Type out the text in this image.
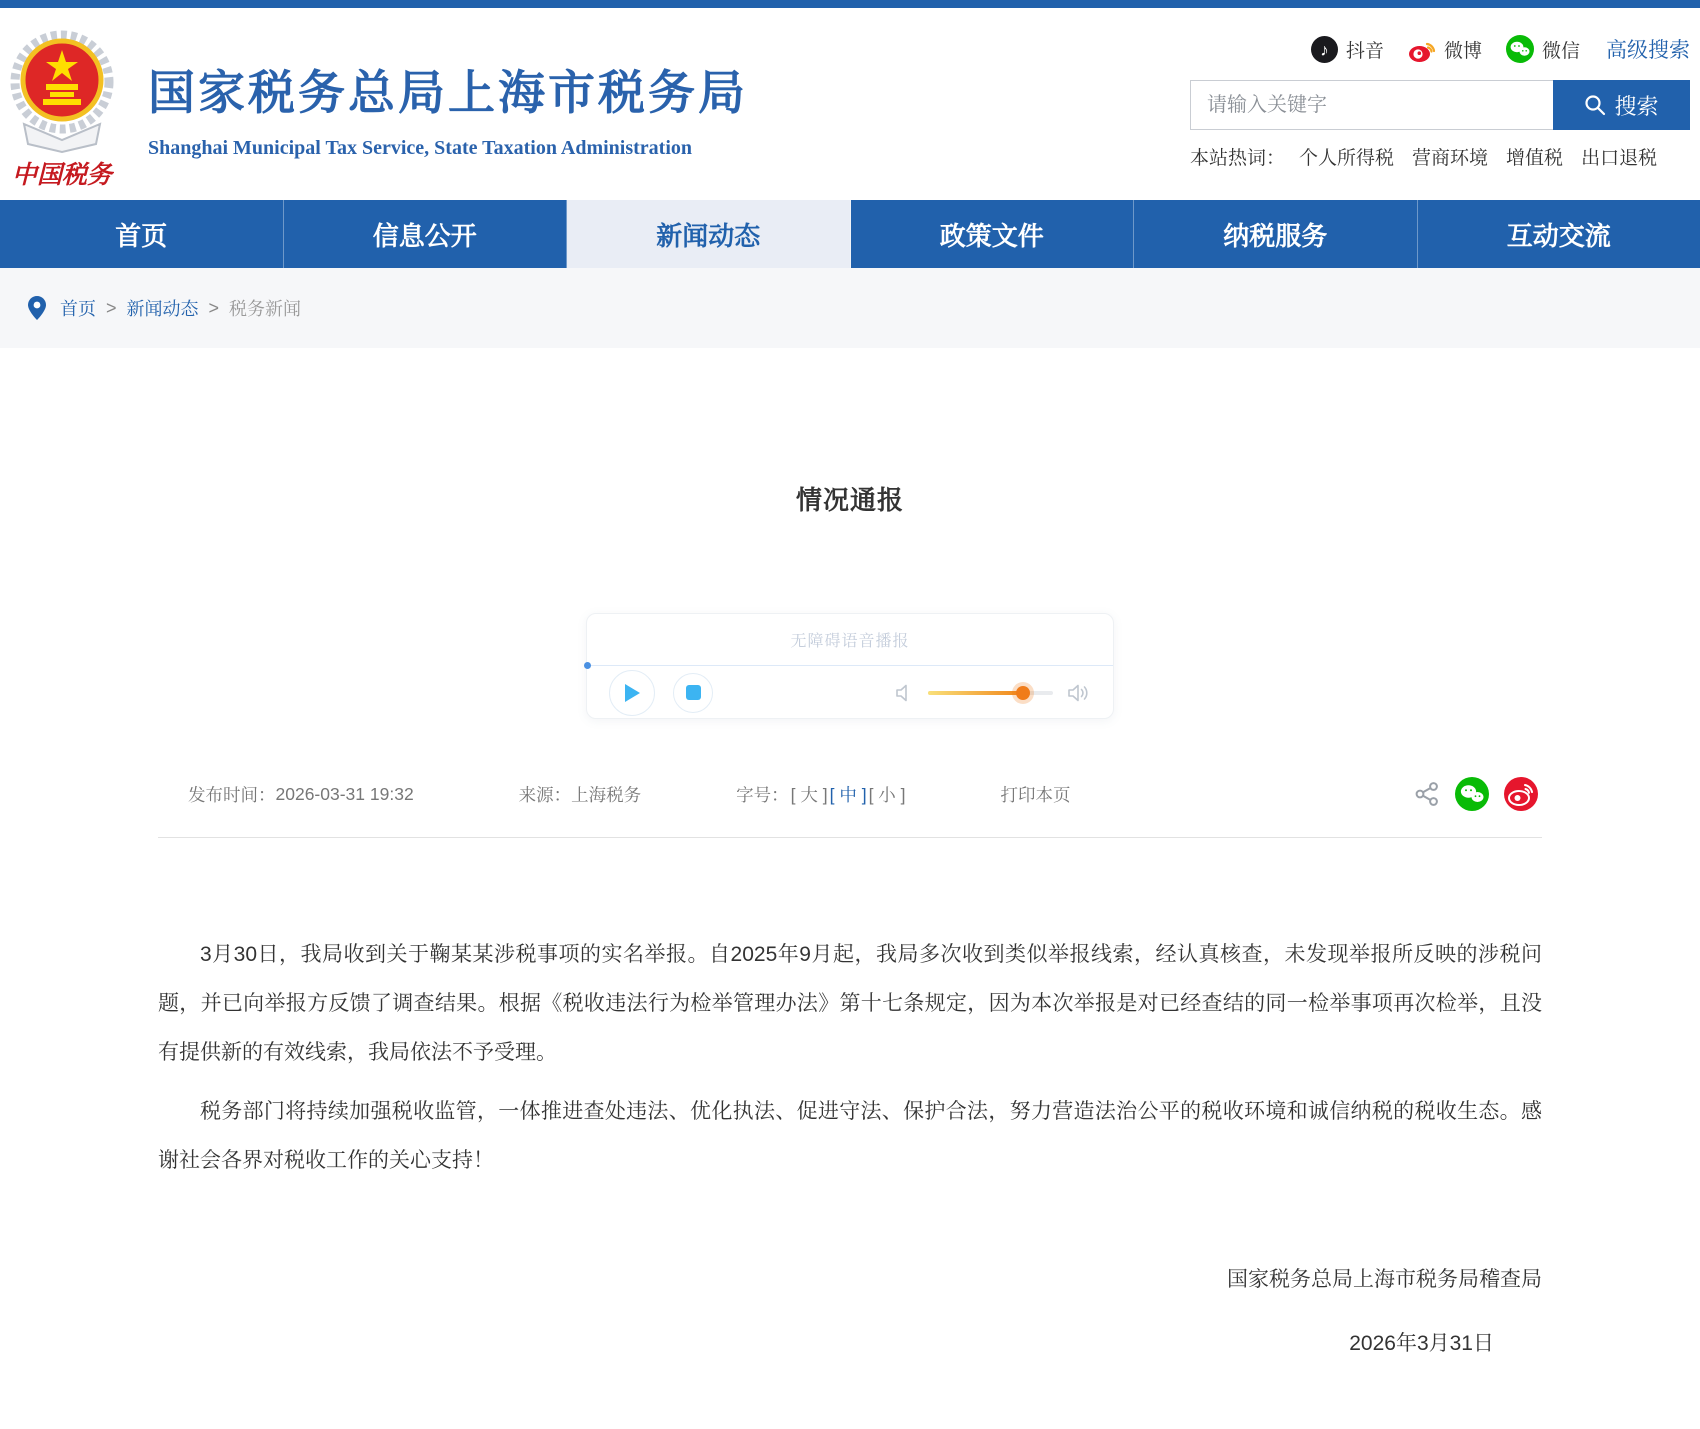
中国税务
国家税务总局上海市税务局
Shanghai Municipal Tax Service, State Taxation Administration
♪ 抖音	微博	微信 高级搜索
请输入关键字
搜索
本站热词： 个人所得税 营商环境 增值税 出口退税
首页	信息公开	新闻动态	政策文件	纳税服务	互动交流
首页 > 新闻动态 > 税务新闻
情况通报
无障碍语音播报
发布时间： 2026-03-31 19:32	来源： 上海税务	字号： [ 大 ] [ 中 ] [ 小 ]	打印本页

3月30日，我局收到关于鞠某某涉税事项的实名举报。自2025年9月起，我局多次收到类似举报线索，经认真核查，未发现举报所反映的涉税问题，并已向举报方反馈了调查结果。根据《税收违法行为检举管理办法》第十七条规定，因为本次举报是对已经查结的同一检举事项再次检举，且没有提供新的有效线索，我局依法不予受理。

税务部门将持续加强税收监管，一体推进查处违法、优化执法、促进守法、保护合法，努力营造法治公平的税收环境和诚信纳税的税收生态。感谢社会各界对税收工作的关心支持！

国家税务总局上海市税务局稽查局
2026年3月31日
